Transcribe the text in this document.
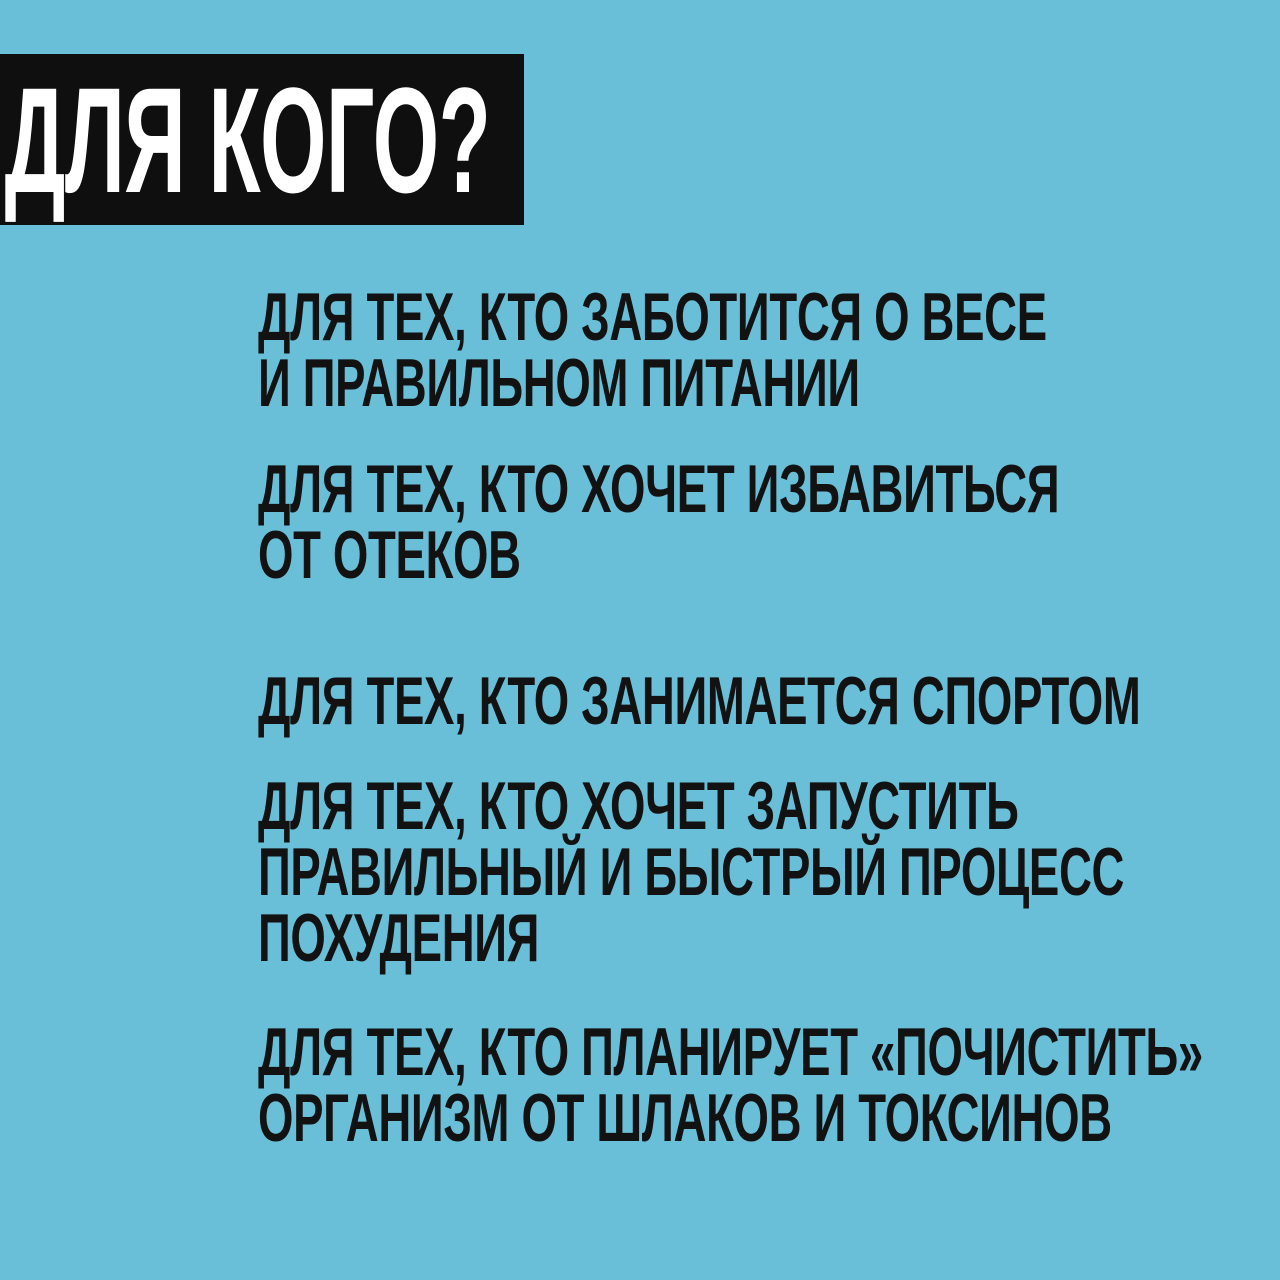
ДЛЯ КОГО?
ДЛЯ ТЕХ, КТО ЗАБОТИТСЯ О ВЕСЕ
И ПРАВИЛЬНОМ ПИТАНИИ
ДЛЯ ТЕХ, КТО ХОЧЕТ ИЗБАВИТЬСЯ
ОТ ОТЕКОВ
ДЛЯ ТЕХ, КТО ЗАНИМАЕТСЯ СПОРТОМ
ДЛЯ ТЕХ, КТО ХОЧЕТ ЗАПУСТИТЬ
ПРАВИЛЬНЫЙ И БЫСТРЫЙ ПРОЦЕСС
ПОХУДЕНИЯ
ДЛЯ ТЕХ, КТО ПЛАНИРУЕТ «ПОЧИСТИТЬ»
ОРГАНИЗМ ОТ ШЛАКОВ И ТОКСИНОВ
